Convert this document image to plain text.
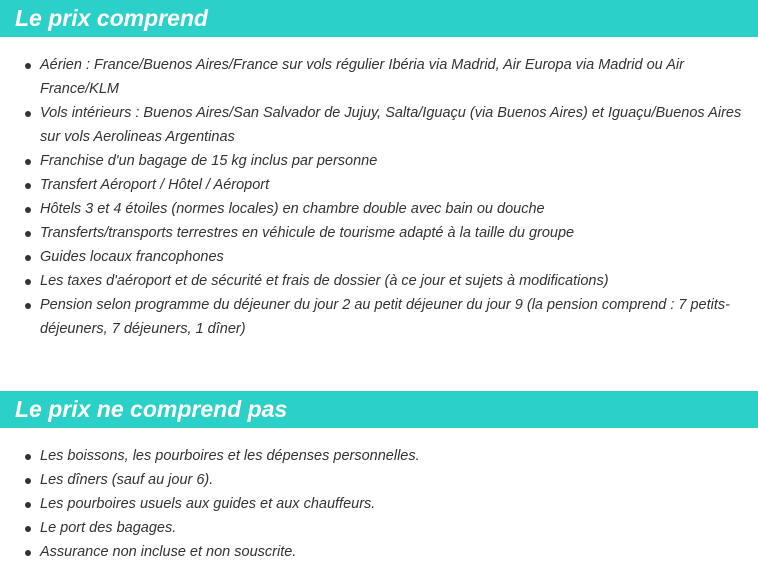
Le prix comprend
Aérien : France/Buenos Aires/France sur vols régulier Ibéria via Madrid, Air Europa via Madrid ou Air France/KLM
Vols intérieurs : Buenos Aires/San Salvador de Jujuy, Salta/Iguaçu (via Buenos Aires) et Iguaçu/Buenos Aires sur vols Aerolineas Argentinas
Franchise d'un bagage de 15 kg inclus par personne
Transfert Aéroport / Hôtel / Aéroport
Hôtels 3 et 4 étoiles (normes locales) en chambre double avec bain ou douche
Transferts/transports terrestres en véhicule de tourisme adapté à la taille du groupe
Guides locaux francophones
Les taxes d'aéroport et de sécurité et frais de dossier (à ce jour et sujets à modifications)
Pension selon programme du déjeuner du jour 2 au petit déjeuner du jour 9 (la pension comprend : 7 petits-déjeuners, 7 déjeuners, 1 dîner)
Le prix ne comprend pas
Les boissons, les pourboires et les dépenses personnelles.
Les dîners (sauf au jour 6).
Les pourboires usuels aux guides et aux chauffeurs.
Le port des bagages.
Assurance non incluse et non souscrite.
